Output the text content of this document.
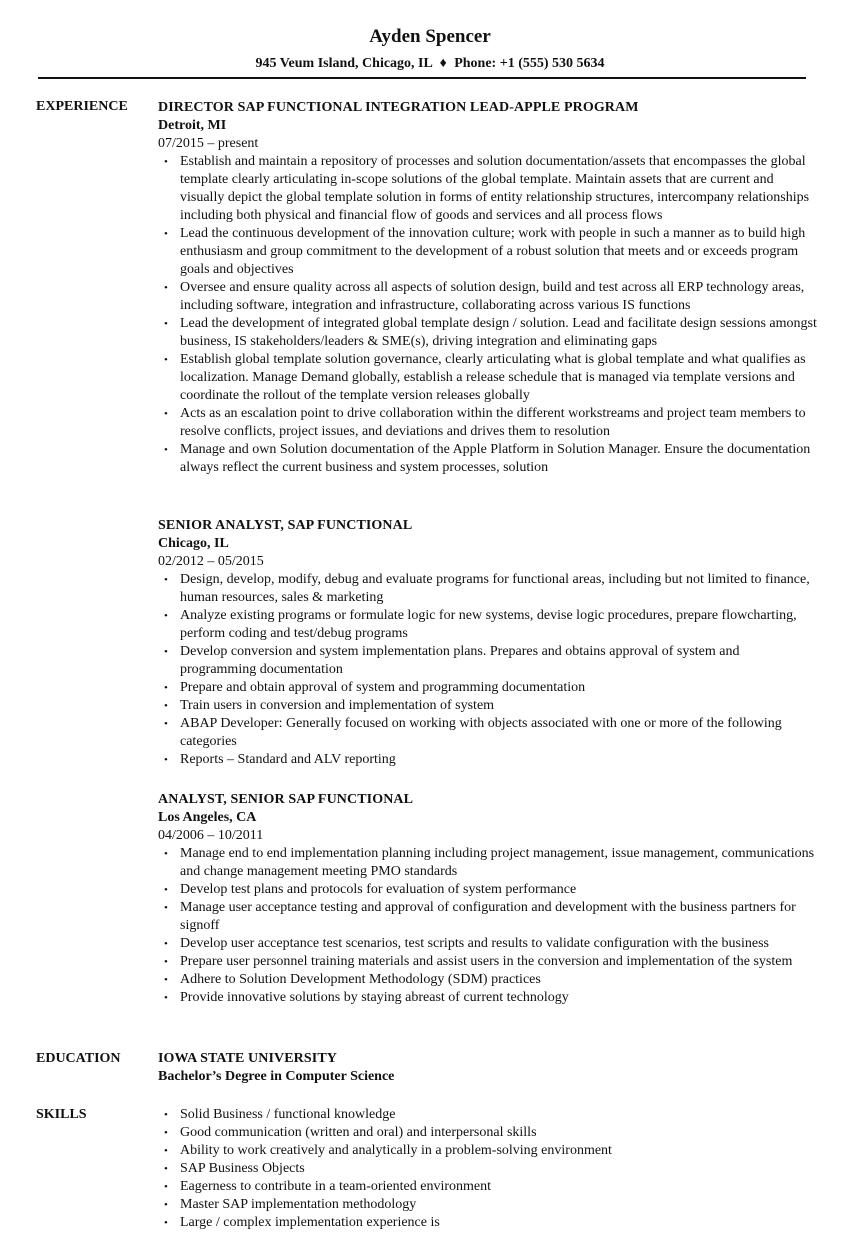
Ayden Spencer
945 Veum Island, Chicago, IL ♦ Phone: +1 (555) 530 5634
EXPERIENCE	DIRECTOR SAP FUNCTIONAL INTEGRATION LEAD-APPLE PROGRAM
Detroit, MI
07/2015 – present
• Establish and maintain a repository of processes and solution documentation/assets that encompasses the global template clearly articulating in-scope solutions of the global template. Maintain assets that are current and visually depict the global template solution in forms of entity relationship structures, intercompany relationships including both physical and financial flow of goods and services and all process flows
• Lead the continuous development of the innovation culture; work with people in such a manner as to build high enthusiasm and group commitment to the development of a robust solution that meets and or exceeds program goals and objectives
• Oversee and ensure quality across all aspects of solution design, build and test across all ERP technology areas, including software, integration and infrastructure, collaborating across various IS functions
• Lead the development of integrated global template design / solution. Lead and facilitate design sessions amongst business, IS stakeholders/leaders & SME(s), driving integration and eliminating gaps
• Establish global template solution governance, clearly articulating what is global template and what qualifies as localization. Manage Demand globally, establish a release schedule that is managed via template versions and coordinate the rollout of the template version releases globally
• Acts as an escalation point to drive collaboration within the different workstreams and project team members to resolve conflicts, project issues, and deviations and drives them to resolution
• Manage and own Solution documentation of the Apple Platform in Solution Manager. Ensure the documentation always reflect the current business and system processes, solution
SENIOR ANALYST, SAP FUNCTIONAL
Chicago, IL
02/2012 – 05/2015
• Design, develop, modify, debug and evaluate programs for functional areas, including but not limited to finance, human resources, sales & marketing
• Analyze existing programs or formulate logic for new systems, devise logic procedures, prepare flowcharting, perform coding and test/debug programs
• Develop conversion and system implementation plans. Prepares and obtains approval of system and programming documentation
• Prepare and obtain approval of system and programming documentation
• Train users in conversion and implementation of system
• ABAP Developer: Generally focused on working with objects associated with one or more of the following categories
• Reports – Standard and ALV reporting
ANALYST, SENIOR SAP FUNCTIONAL
Los Angeles, CA
04/2006 – 10/2011
• Manage end to end implementation planning including project management, issue management, communications and change management meeting PMO standards
• Develop test plans and protocols for evaluation of system performance
• Manage user acceptance testing and approval of configuration and development with the business partners for signoff
• Develop user acceptance test scenarios, test scripts and results to validate configuration with the business
• Prepare user personnel training materials and assist users in the conversion and implementation of the system
• Adhere to Solution Development Methodology (SDM) practices
• Provide innovative solutions by staying abreast of current technology
EDUCATION	IOWA STATE UNIVERSITY
Bachelor’s Degree in Computer Science
SKILLS	• Solid Business / functional knowledge
• Good communication (written and oral) and interpersonal skills
• Ability to work creatively and analytically in a problem-solving environment
• SAP Business Objects
• Eagerness to contribute in a team-oriented environment
• Master SAP implementation methodology
• Large / complex implementation experience is
